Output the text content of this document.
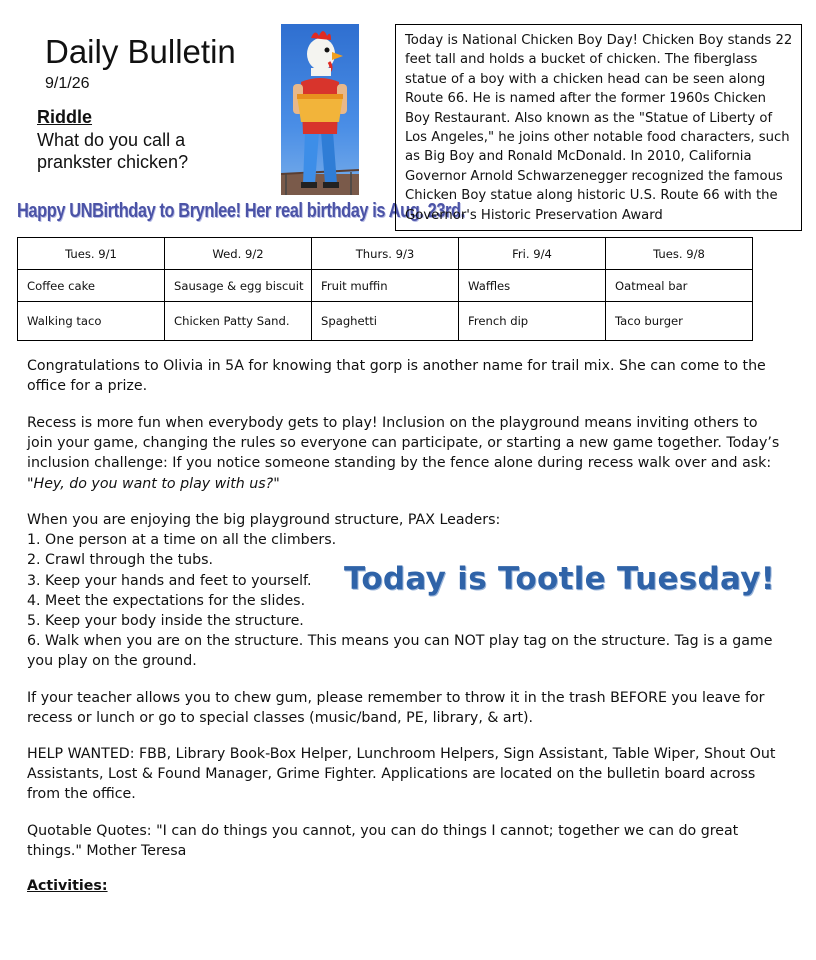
Daily Bulletin
9/1/26
Riddle
What do you call a prankster chicken?
Happy UNBirthday to Brynlee! Her real birthday is Aug. 23rd.
Today is National Chicken Boy Day! Chicken Boy stands 22 feet tall and holds a bucket of chicken. The fiberglass statue of a boy with a chicken head can be seen along Route 66. He is named after the former 1960s Chicken Boy Restaurant. Also known as the "Statue of Liberty of Los Angeles," he joins other notable food characters, such as Big Boy and Ronald McDonald. In 2010, California Governor Arnold Schwarzenegger recognized the famous Chicken Boy statue along historic U.S. Route 66 with the Governor's Historic Preservation Award
Tues. 9/1	Wed. 9/2	Thurs. 9/3	Fri. 9/4	Tues. 9/8
Coffee cake	Sausage & egg biscuit	Fruit muffin	Waffles	Oatmeal bar
Walking taco	Chicken Patty Sand.	Spaghetti	French dip	Taco burger
Congratulations to Olivia in 5A for knowing that gorp is another name for trail mix. She can come to the office for a prize.

Recess is more fun when everybody gets to play! Inclusion on the playground means inviting others to join your game, changing the rules so everyone can participate, or starting a new game together. Today’s inclusion challenge: If you notice someone standing by the fence alone during recess walk over and ask:

"Hey, do you want to play with us?"

When you are enjoying the big playground structure, PAX Leaders:

1. One person at a time on all the climbers.

2. Crawl through the tubs.

3. Keep your hands and feet to yourself.

4. Meet the expectations for the slides.

5. Keep your body inside the structure.

6. Walk when you are on the structure. This means you can NOT play tag on the structure. Tag is a game you play on the ground.

Today is Tootle Tuesday!
If your teacher allows you to chew gum, please remember to throw it in the trash BEFORE you leave for recess or lunch or go to special classes (music/band, PE, library, & art).
HELP WANTED: FBB, Library Book-Box Helper, Lunchroom Helpers, Sign Assistant, Table Wiper, Shout Out Assistants, Lost & Found Manager, Grime Fighter. Applications are located on the bulletin board across from the office.
Quotable Quotes: "I can do things you cannot, you can do things I cannot; together we can do great things." Mother Teresa
Activities:
